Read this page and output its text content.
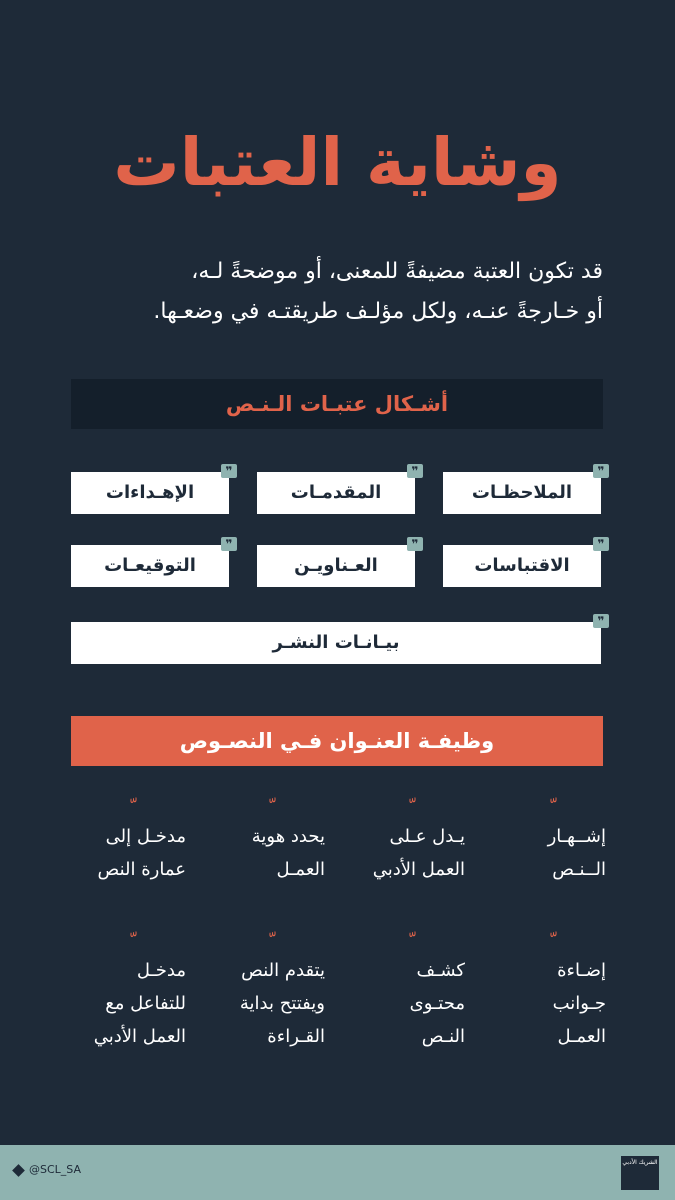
وشاية العتبات

قد تكون العتبة مضيفةً للمعنى، أو موضحةً لـه،

أو خـارجةً عنـه، ولكل مؤلـف طريقتـه في وضعـها.

أشـكال عتبـات الـنـص
الملاحظـات
❞
المقدمـات
❞
الإهـداءات
❞
الاقتباسات
❞
العـناويـن
❞
التوقيعـات
❞
بيـانـات النشـر
❞
وظيفـة العنـوان فـي النصـوص

إشــهـار

الــنـص

يـدل عـلى

العمل الأدبي

يحدد هوية

العمـل

مدخـل إلى

عمارة النص

إضـاءة

جـوانب

العمـل

كشـف

محتـوى

النـص

يتقدم النص

ويفتتح بداية

القـراءة

مدخـل

للتفاعل مع

العمل الأدبي

@SCL_SA
الشريك الأدبي
